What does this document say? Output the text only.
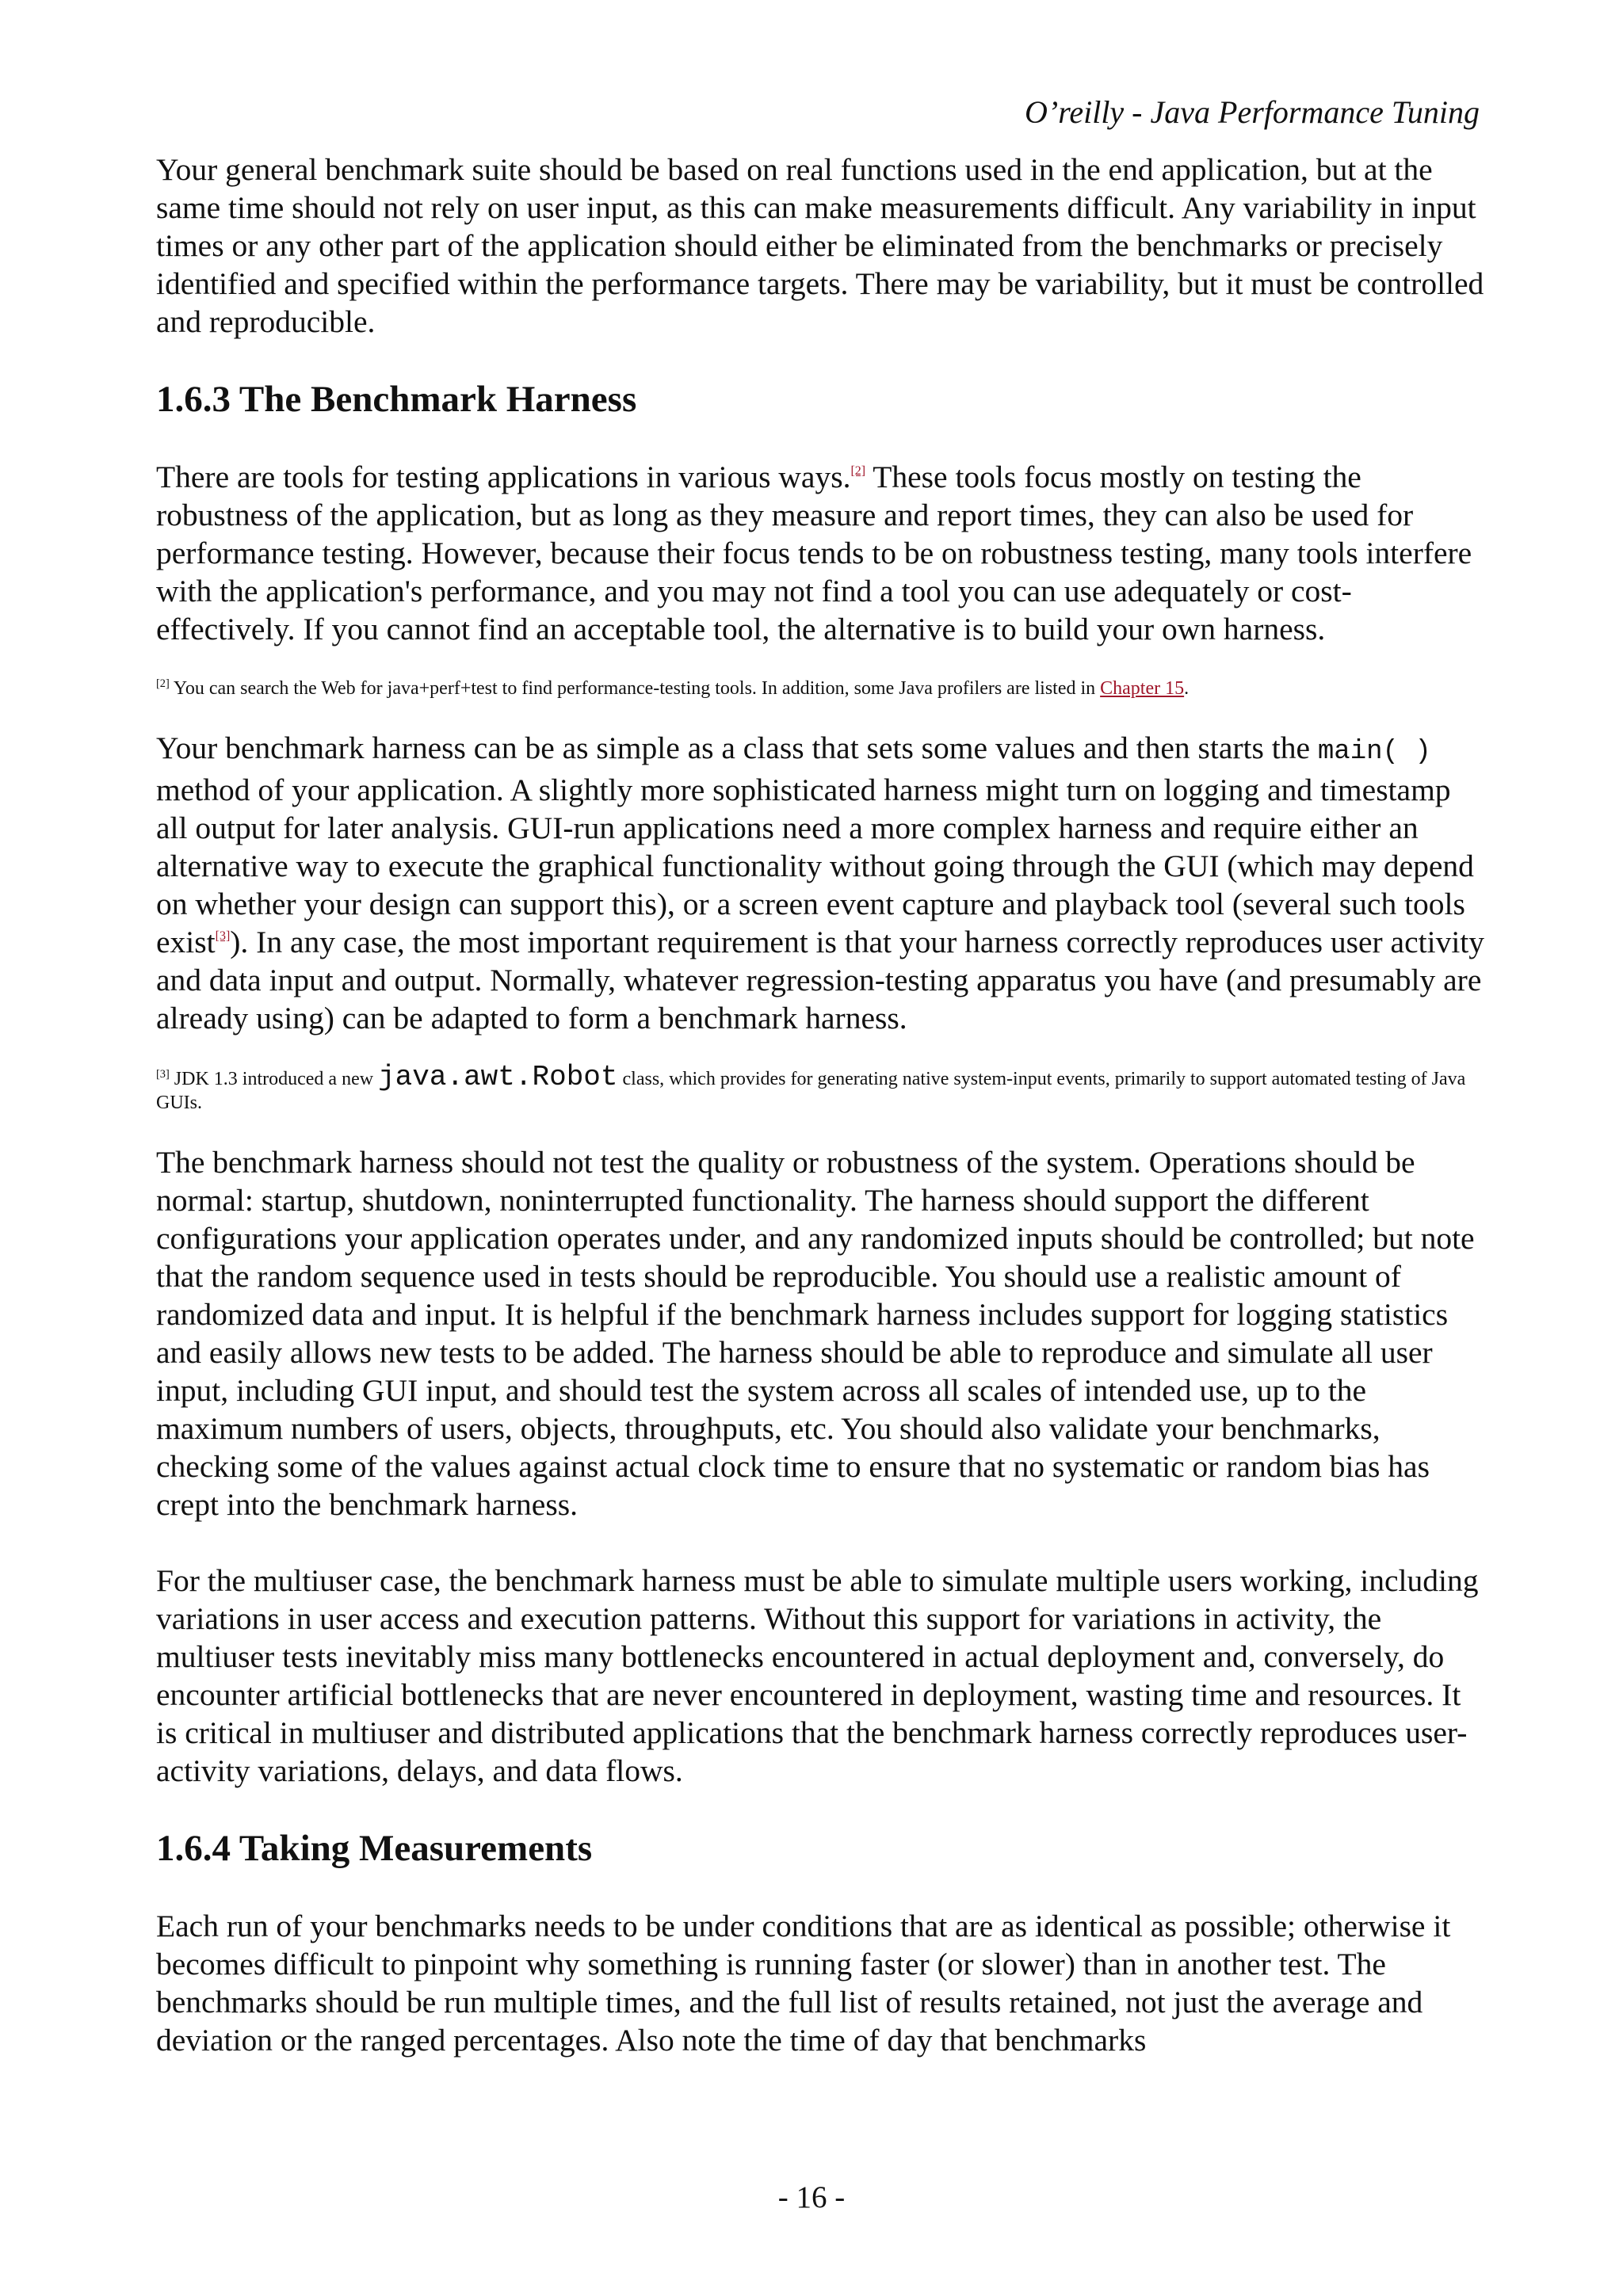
O’reilly - Java Performance Tuning

Your general benchmark suite should be based on real functions used in the end application, but at the same time should not rely on user input, as this can make measurements difficult. Any variability in input times or any other part of the application should either be eliminated from the benchmarks or precisely identified and specified within the performance targets. There may be variability, but it must be controlled and reproducible.

1.6.3 The Benchmark Harness

There are tools for testing applications in various ways.[2] These tools focus mostly on testing the robustness of the application, but as long as they measure and report times, they can also be used for performance testing. However, because their focus tends to be on robustness testing, many tools interfere with the application's performance, and you may not find a tool you can use adequately or cost-effectively. If you cannot find an acceptable tool, the alternative is to build your own harness.

[2] You can search the Web for java+perf+test to find performance-testing tools. In addition, some Java profilers are listed in Chapter 15.

Your benchmark harness can be as simple as a class that sets some values and then starts the main( ) method of your application. A slightly more sophisticated harness might turn on logging and timestamp all output for later analysis. GUI-run applications need a more complex harness and require either an alternative way to execute the graphical functionality without going through the GUI (which may depend on whether your design can support this), or a screen event capture and playback tool (several such tools exist[3]). In any case, the most important requirement is that your harness correctly reproduces user activity and data input and output. Normally, whatever regression-testing apparatus you have (and presumably are already using) can be adapted to form a benchmark harness.

[3] JDK 1.3 introduced a new java.awt.Robot class, which provides for generating native system-input events, primarily to support automated testing of Java GUIs.

The benchmark harness should not test the quality or robustness of the system. Operations should be normal: startup, shutdown, noninterrupted functionality. The harness should support the different configurations your application operates under, and any randomized inputs should be controlled; but note that the random sequence used in tests should be reproducible. You should use a realistic amount of randomized data and input. It is helpful if the benchmark harness includes support for logging statistics and easily allows new tests to be added. The harness should be able to reproduce and simulate all user input, including GUI input, and should test the system across all scales of intended use, up to the maximum numbers of users, objects, throughputs, etc. You should also validate your benchmarks, checking some of the values against actual clock time to ensure that no systematic or random bias has crept into the benchmark harness.

For the multiuser case, the benchmark harness must be able to simulate multiple users working, including variations in user access and execution patterns. Without this support for variations in activity, the multiuser tests inevitably miss many bottlenecks encountered in actual deployment and, conversely, do encounter artificial bottlenecks that are never encountered in deployment, wasting time and resources. It is critical in multiuser and distributed applications that the benchmark harness correctly reproduces user-activity variations, delays, and data flows.

1.6.4 Taking Measurements

Each run of your benchmarks needs to be under conditions that are as identical as possible; otherwise it becomes difficult to pinpoint why something is running faster (or slower) than in another test. The benchmarks should be run multiple times, and the full list of results retained, not just the average and deviation or the ranged percentages. Also note the time of day that benchmarks

- 16 -
